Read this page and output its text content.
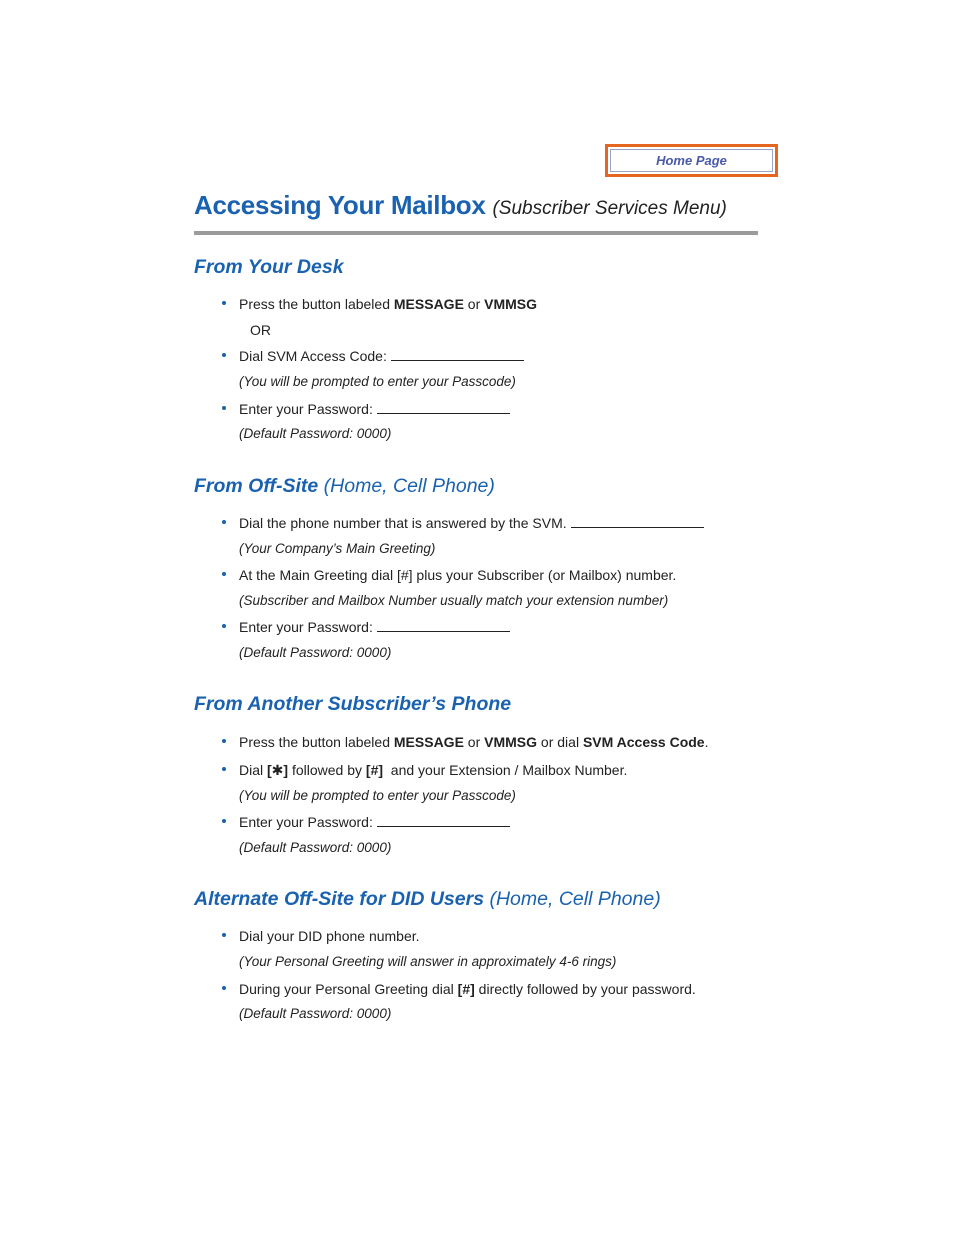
Home Page
Accessing Your Mailbox (Subscriber Services Menu)
From Your Desk
Press the button labeled MESSAGE or VMMSG
OR
Dial SVM Access Code:
(You will be prompted to enter your Passcode)
Enter your Password:
(Default Password: 0000)
From Off-Site (Home, Cell Phone)
Dial the phone number that is answered by the SVM.
(Your Company’s Main Greeting)
At the Main Greeting dial [#] plus your Subscriber (or Mailbox) number.
(Subscriber and Mailbox Number usually match your extension number)
Enter your Password:
(Default Password: 0000)
From Another Subscriber’s Phone
Press the button labeled MESSAGE or VMMSG or dial SVM Access Code.
Dial [✱] followed by [#]  and your Extension / Mailbox Number.
(You will be prompted to enter your Passcode)
Enter your Password:
(Default Password: 0000)
Alternate Off-Site for DID Users (Home, Cell Phone)
Dial your DID phone number.
(Your Personal Greeting will answer in approximately 4-6 rings)
During your Personal Greeting dial [#] directly followed by your password.
(Default Password: 0000)
